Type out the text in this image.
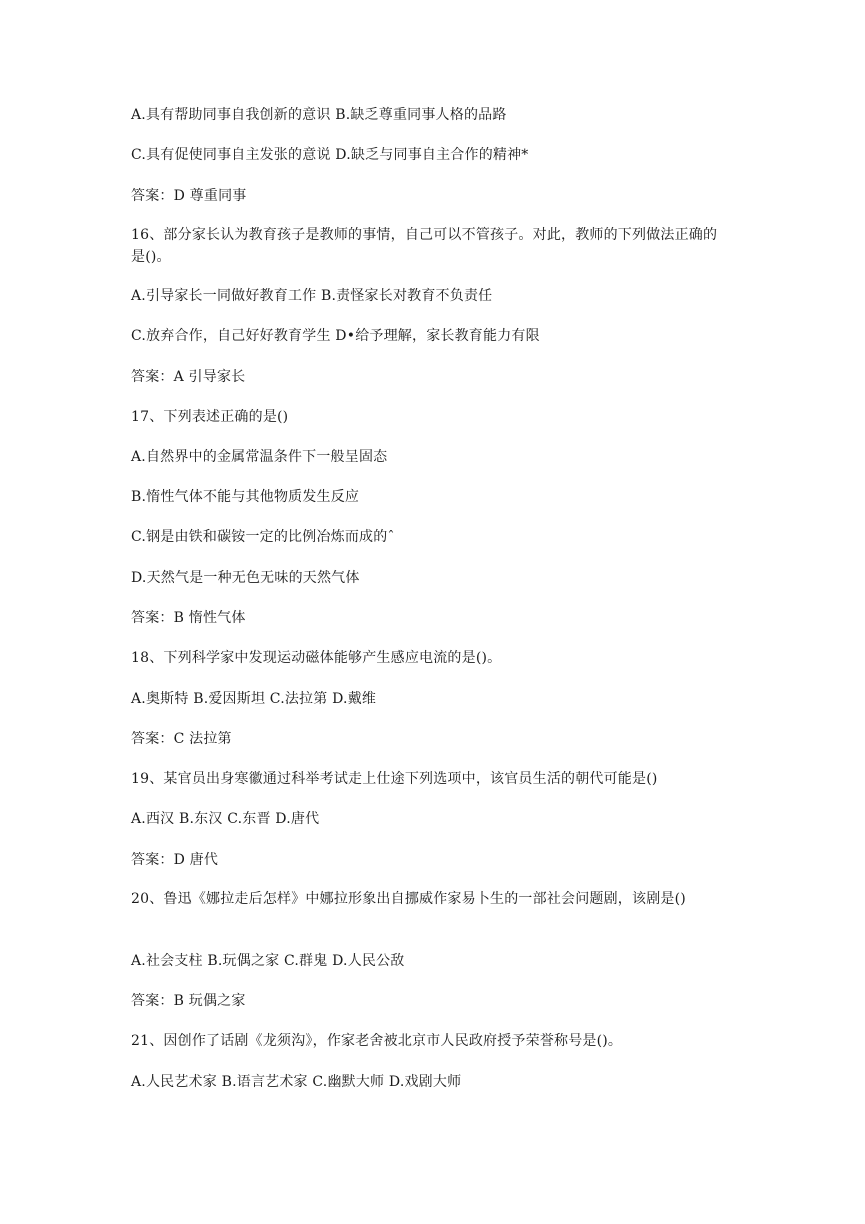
A.具有帮助同事自我创新的意识 B.缺乏尊重同事人格的品路
C.具有促使同事自主发张的意说 D.缺乏与同事自主合作的精神*
答案：D 尊重同事
16、部分家长认为教育孩子是教师的事情，自己可以不管孩子。对此，教师的下列做法正确的是()。
A.引导家长一同做好教育工作 B.责怪家长对教育不负责任
C.放弃合作，自己好好教育学生 D•给予理解，家长教育能力有限
答案：A 引导家长
17、下列表述正确的是()
A.自然界中的金属常温条件下一般呈固态
B.惰性气体不能与其他物质发生反应
C.钢是由铁和碳铵一定的比例冶炼而成的ˆ
D.天然气是一种无色无味的天然气体
答案：B 惰性气体
18、下列科学家中发现运动磁体能够产生感应电流的是()。
A.奥斯特 B.爱因斯坦 C.法拉第 D.戴维
答案：C 法拉第
19、某官员出身寒徽通过科举考试走上仕途下列选项中，该官员生活的朝代可能是()
A.西汉 B.东汉 C.东晋 D.唐代
答案：D 唐代
20、鲁迅《娜拉走后怎样》中娜拉形象出自挪威作家易卜生的一部社会问题剧，该剧是()
A.社会支柱 B.玩偶之家 C.群鬼 D.人民公敌
答案：B 玩偶之家
21、因创作了话剧《龙须沟》，作家老舍被北京市人民政府授予荣誉称号是()。
A.人民艺术家 B.语言艺术家 C.幽默大师 D.戏剧大师
